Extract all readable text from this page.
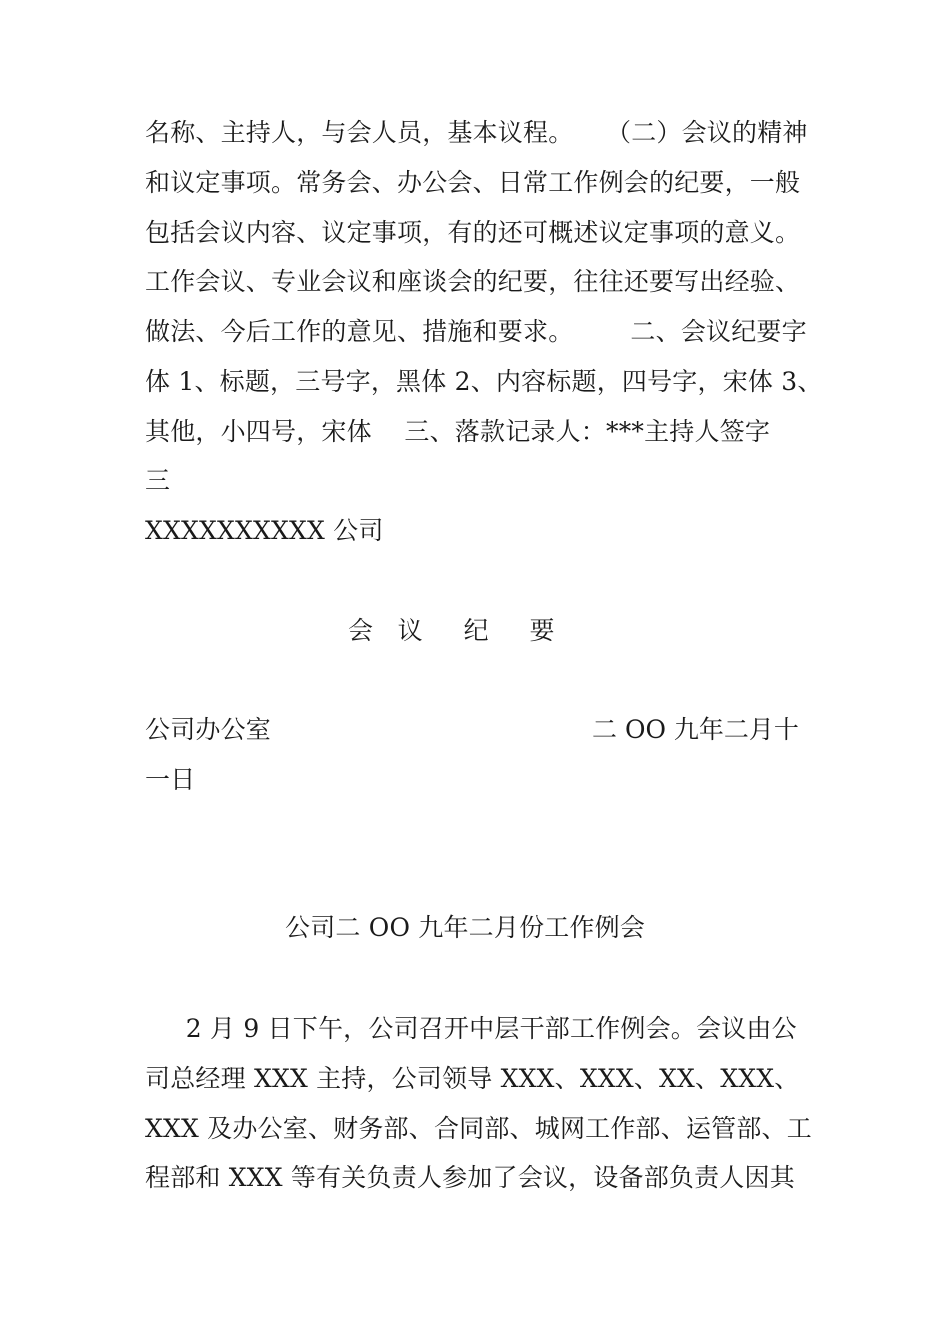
名称、主持人，与会人员，基本议程。    （二）会议的精神
和议定事项。常务会、办公会、日常工作例会的纪要，一般
包括会议内容、议定事项，有的还可概述议定事项的意义。
工作会议、专业会议和座谈会的纪要，往往还要写出经验、
做法、今后工作的意见、措施和要求。       二、会议纪要字
体 1、标题，三号字，黑体 2、内容标题，四号字，宋体 3、
其他，小四号，宋体    三、落款记录人：***主持人签字
三
XXXXXXXXXX 公司
会   议     纪     要
公司办公室	二 OO 九年二月十
一日
公司二 OO 九年二月份工作例会
2 月 9 日下午，公司召开中层干部工作例会。会议由公
司总经理 XXX 主持，公司领导 XXX、XXX、XX、XXX、
XXX 及办公室、财务部、合同部、城网工作部、运管部、工
程部和 XXX 等有关负责人参加了会议，设备部负责人因其
